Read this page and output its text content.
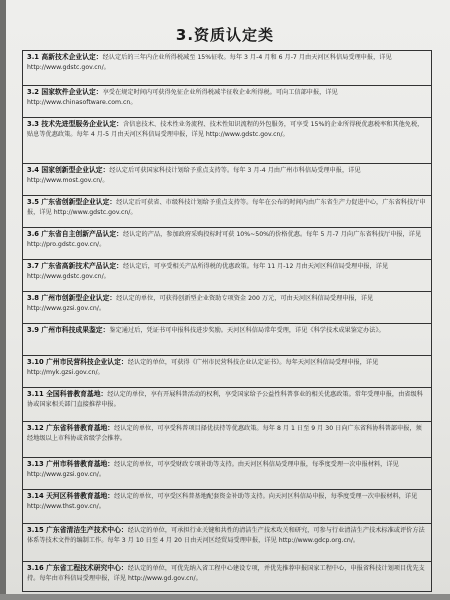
3.资质认定类
3.1 高新技术企业认定：经认定后的三年内企业所得税减至 15%征收。每年 3 月-4 月和 6 月-7 月由天河区科信局受理申报，详见 http://www.gdstc.gov.cn/。
3.2 国家软件企业认定：享受在规定时间内可获得免征企业所得税减半征收企业所得税。可向工信部申报，详见 http://www.chinasoftware.com.cn。
3.3 技术先进型服务企业认定：含信息技术、技术性业务流程、技术性知识流程的外包服务，可享受 15%的企业所得税优惠税率和其他免税，贴息等优惠政策。每年 4 月-5 月由天河区科信局受理申报，详见 http://www.gdstc.gov.cn/。
3.4 国家创新型企业认定：经认定后可获国家科技计划给予重点支持等。每年 3 月-4 月由广州市科信局受理申报，详见 http://www.most.gov.cn/。
3.5 广东省创新型企业认定：经认定后可获省、市级科技计划给予重点支持等。每年在公布的时间内由广东省生产力促进中心，广东省科技厅申报，详见 http://www.gdstc.gov.cn/。
3.6 广东省自主创新产品认定：经认定的产品，参加政府采购投标时可获 10%~50%的价格优惠。每年 5 月-7 月向广东省科技厅申报，详见 http://pro.gdstc.gov.cn/。
3.7 广东省高新技术产品认定：经认定后，可享受相关产品所得税的优惠政策。每年 11 月-12 月由天河区科信局受理申报，详见 http://www.gdstc.gov.cn/。
3.8 广州市创新型企业认定：经认定的单位，可获得创新型企业资助专项资金 200 万元，可由天河区科信局受理申报，详见 http://www.gzsi.gov.cn/。
3.9 广州市科技成果鉴定：鉴定通过后，凭证书可申报科技进步奖励。天河区科信局常年受理，详见《科学技术成果鉴定办法》。
3.10 广州市民营科技企业认定：经认定的单位，可获得《广州市民营科技企业认定证书》。每年天河区科信局受理申报，详见 http://myk.gzsi.gov.cn/。
3.11 全国科普教育基地：经认定的单位，享有开展科普活动的权利，享受国家给予公益性科普事业的相关优惠政策。常年受理申报，由省级科协或国家相关部门直接推荐申报。
3.12 广东省科普教育基地：经认定的单位，可享受科普项目择优扶持等优惠政策。每年 8 月 1 日至 9 月 30 日向广东省科协科普部申报，须经地级以上市科协或省级学会推荐。
3.13 广州市科普教育基地：经认定的单位，可享受财政专项补助等支持。由天河区科信局受理申报，每季度受理一次申报材料，详见 http://www.gzsi.gov.cn/。
3.14 天河区科普教育基地：经认定的单位，可享受区科普基地配套资金补助等支持。向天河区科信局申报，每季度受理一次申报材料，详见 http://www.thst.gov.cn/。
3.15 广东省清洁生产技术中心：经认定的单位，可承担行业关键和共性的清洁生产技术攻关和研究，可参与行业清洁生产技术标准或评价方法体系等技术文件的编制工作。每年 3 月 10 日至 4 月 20 日由天河区经贸局受理申报，详见 http://www.gdcp.org.cn/。
3.16 广东省工程技术研究中心：经认定的单位，可优先纳入省工程中心建设专项，并优先推荐申报国家工程中心，申报省科技计划项目优先支持。每年由市科信局受理申报，详见 http://www.gd.gov.cn/。
